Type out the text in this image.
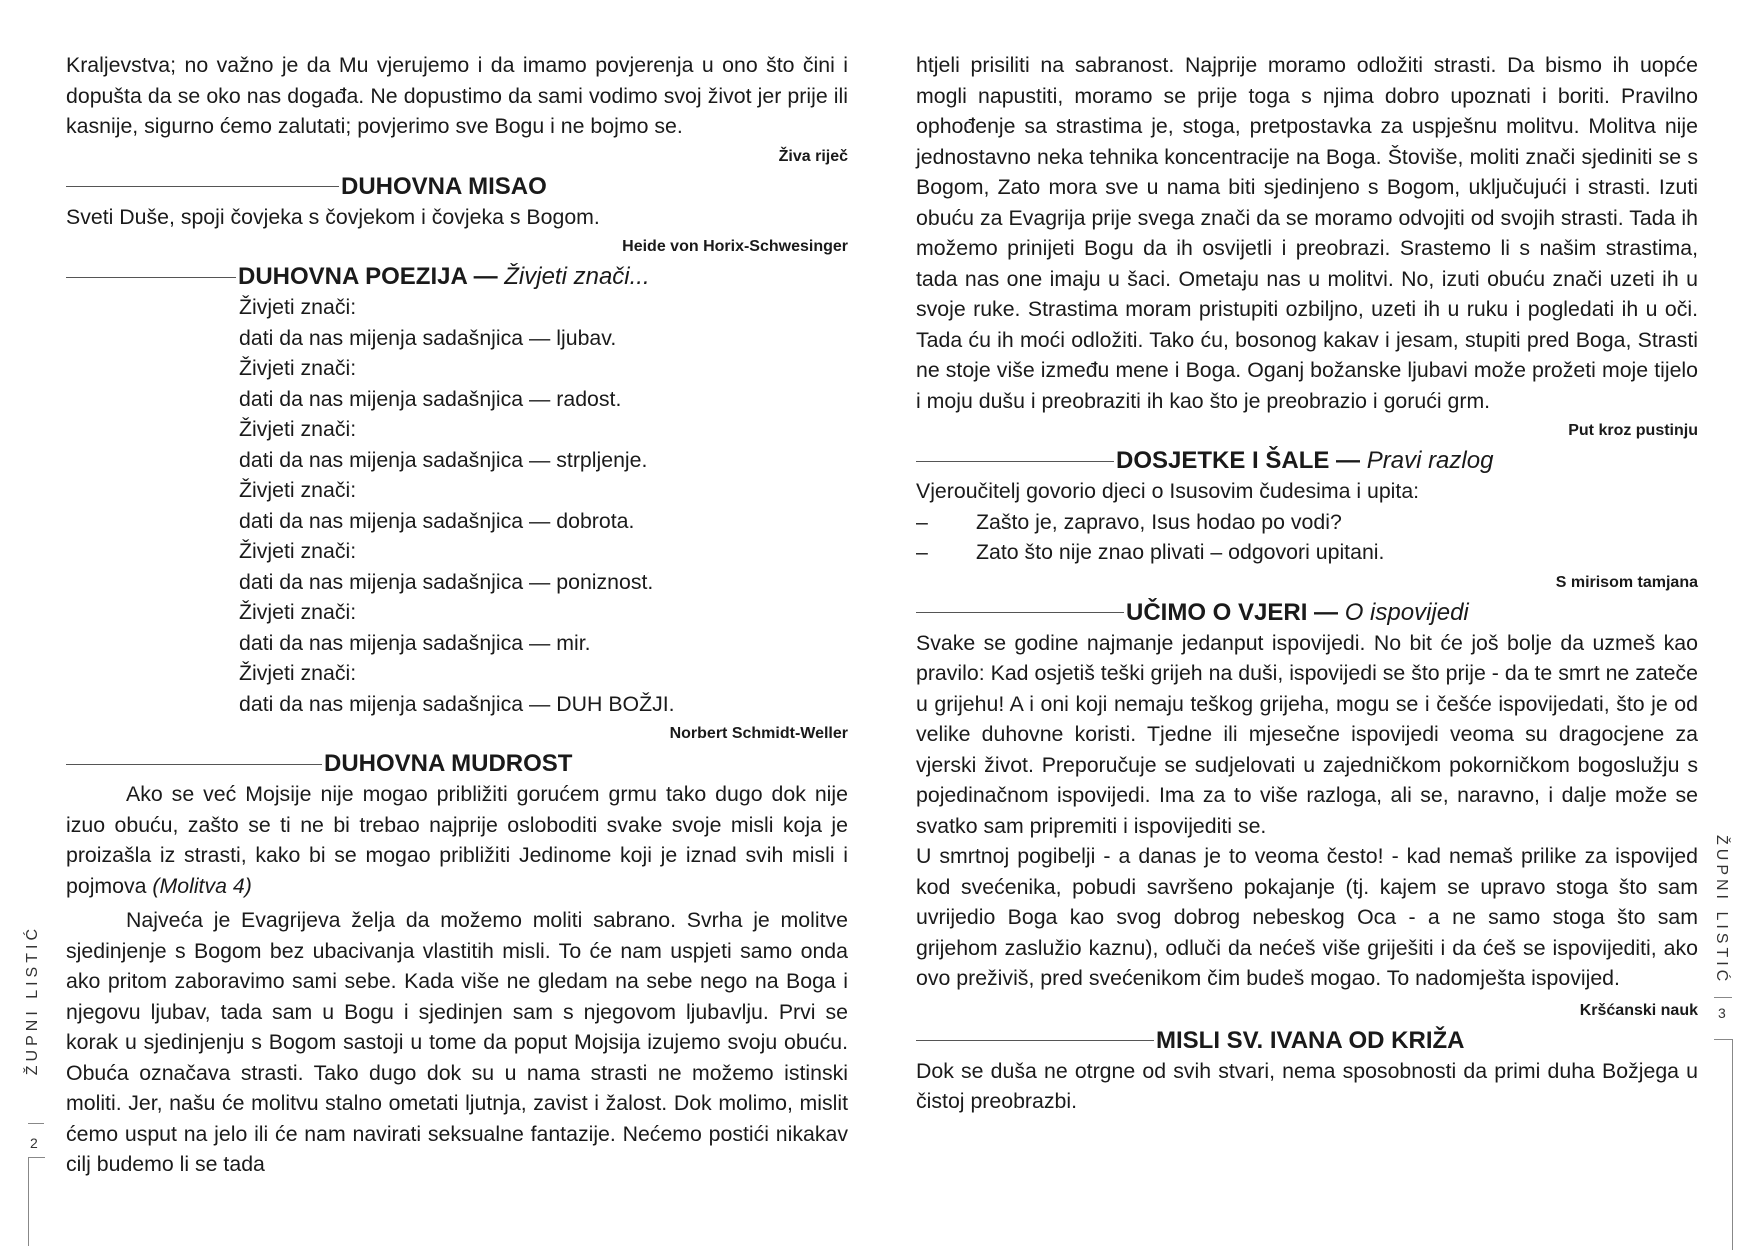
Kraljevstva; no važno je da Mu vjerujemo i da imamo povjerenja u ono što čini i dopušta da se oko nas događa. Ne dopustimo da sami vodimo svoj život jer prije ili kasnije, sigurno ćemo zalutati; povjerimo sve Bogu i ne bojmo se.

Živa riječ
DUHOVNA MISAO

Sveti Duše, spoji čovjeka s čovjekom i čovjeka s Bogom.

Heide von Horix-Schwesinger
DUHOVNA POEZIJA — Živjeti znači...
Živjeti znači:
dati da nas mijenja sadašnjica — ljubav.
Živjeti znači:
dati da nas mijenja sadašnjica — radost.
Živjeti znači:
dati da nas mijenja sadašnjica — strpljenje.
Živjeti znači:
dati da nas mijenja sadašnjica — dobrota.
Živjeti znači:
dati da nas mijenja sadašnjica — poniznost.
Živjeti znači:
dati da nas mijenja sadašnjica — mir.
Živjeti znači:
dati da nas mijenja sadašnjica — DUH BOŽJI.
Norbert Schmidt-Weller
DUHOVNA MUDROST

Ako se već Mojsije nije mogao približiti gorućem grmu tako dugo dok nije izuo obuću, zašto se ti ne bi trebao najprije osloboditi svake svoje misli koja je proizašla iz strasti, kako bi se mogao približiti Jedinome koji je iznad svih misli i pojmova (Molitva 4)

Najveća je Evagrijeva želja da možemo moliti sabrano. Svrha je molitve sjedinjenje s Bogom bez ubacivanja vlastitih misli. To će nam uspjeti samo onda ako pritom zaboravimo sami sebe. Kada više ne gledam na sebe nego na Boga i njegovu ljubav, tada sam u Bogu i sjedinjen sam s njegovom ljubavlju. Prvi se korak u sjedinjenju s Bogom sastoji u tome da poput Mojsija izujemo svoju obuću. Obuća označava strasti. Tako dugo dok su u nama strasti ne možemo istinski moliti. Jer, našu će molitvu stalno ometati ljutnja, zavist i žalost. Dok molimo, mislit ćemo usput na jelo ili će nam navirati seksualne fantazije. Nećemo postići nikakav cilj budemo li se tada

ŽUPNI LISTIĆ
2

htjeli prisiliti na sabranost. Najprije moramo odložiti strasti. Da bismo ih uopće mogli napustiti, moramo se prije toga s njima dobro upoznati i boriti. Pravilno ophođenje sa strastima je, stoga, pretpostavka za uspješnu molitvu. Molitva nije jednostavno neka tehnika koncentracije na Boga. Štoviše, moliti znači sjediniti se s Bogom, Zato mora sve u nama biti sjedinjeno s Bogom, uključujući i strasti. Izuti obuću za Evagrija prije svega znači da se moramo odvojiti od svojih strasti. Tada ih možemo prinijeti Bogu da ih osvijetli i preobrazi. Srastemo li s našim strastima, tada nas one imaju u šaci. Ometaju nas u molitvi. No, izuti obuću znači uzeti ih u svoje ruke. Strastima moram pristupiti ozbiljno, uzeti ih u ruku i pogledati ih u oči. Tada ću ih moći odložiti. Tako ću, bosonog kakav i jesam, stupiti pred Boga, Strasti ne stoje više između mene i Boga. Oganj božanske ljubavi može prožeti moje tijelo i moju dušu i preobraziti ih kao što je preobrazio i gorući grm.

Put kroz pustinju
DOSJETKE I ŠALE — Pravi razlog

Vjeroučitelj govorio djeci o Isusovim čudesima i upita:

–	Zašto je, zapravo, Isus hodao po vodi?
–	Zato što nije znao plivati – odgovori upitani.
S mirisom tamjana
UČIMO O VJERI — O ispovijedi

Svake se godine najmanje jedanput ispovijedi. No bit će još bolje da uzmeš kao pravilo: Kad osjetiš teški grijeh na duši, ispovijedi se što prije - da te smrt ne zateče u grijehu! A i oni koji nemaju teškog grijeha, mogu se i češće ispovijedati, što je od velike duhovne koristi. Tjedne ili mjesečne ispovijedi veoma su dragocjene za vjerski život. Preporučuje se sudjelovati u zajedničkom pokorničkom bogoslužju s pojedinačnom ispovijedi. Ima za to više razloga, ali se, naravno, i dalje može se svatko sam pripremiti i ispovijediti se.

U smrtnoj pogibelji - a danas je to veoma često! - kad nemaš prilike za ispovijed kod svećenika, pobudi savršeno pokajanje (tj. kajem se upravo stoga što sam uvrijedio Boga kao svog dobrog nebeskog Oca - a ne samo stoga što sam grijehom zaslužio kaznu), odluči da nećeš više griješiti i da ćeš se ispovijediti, ako ovo preživiš, pred svećenikom čim budeš mogao. To nadomješta ispovijed.

Kršćanski nauk
MISLI SV. IVANA OD KRIŽA

Dok se duša ne otrgne od svih stvari, nema sposobnosti da primi duha Božjega u čistoj preobrazbi.

ŽUPNI LISTIĆ
3
